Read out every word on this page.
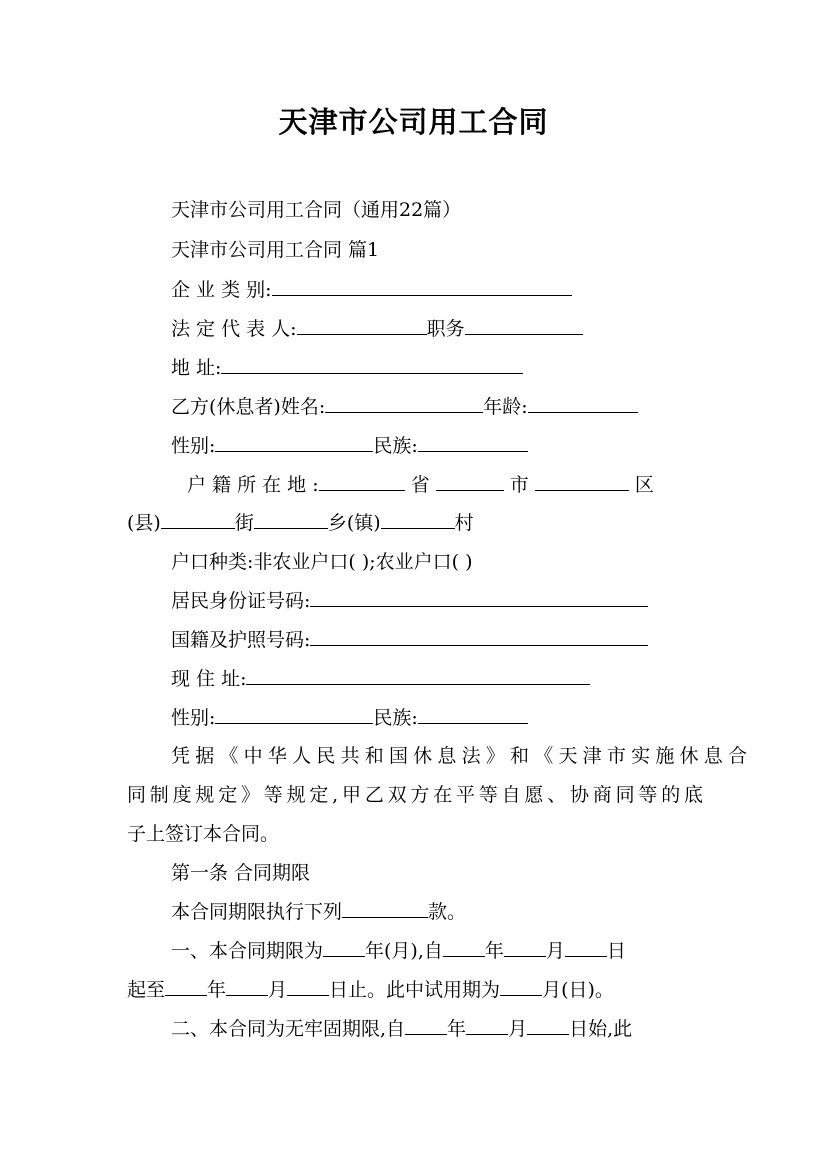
天津市公司用工合同
天津市公司用工合同（通用22篇）
天津市公司用工合同 篇1
企 业 类 别:
法 定 代 表 人:	职务
地 址:
乙方(休息者)姓名:	年龄:
性别:	民族:
户 籍 所 在 地 :	省	市	区
(县)	街	乡(镇)	村
户口种类:非农业户口( );农业户口( )
居民身份证号码:
国籍及护照号码:
现 住 址:
性别:	民族:
凭据《中华人民共和国休息法》和《天津市实施休息合
同制度规定》等规定,甲乙双方在平等自愿、协商同等的底
子上签订本合同。
第一条 合同期限
本合同期限执行下列	款。
一、本合同期限为 年(月),自 年 月 日
起至 年 月 日止。此中试用期为 月(日)。
二、本合同为无牢固期限,自 年 月 日始,此
